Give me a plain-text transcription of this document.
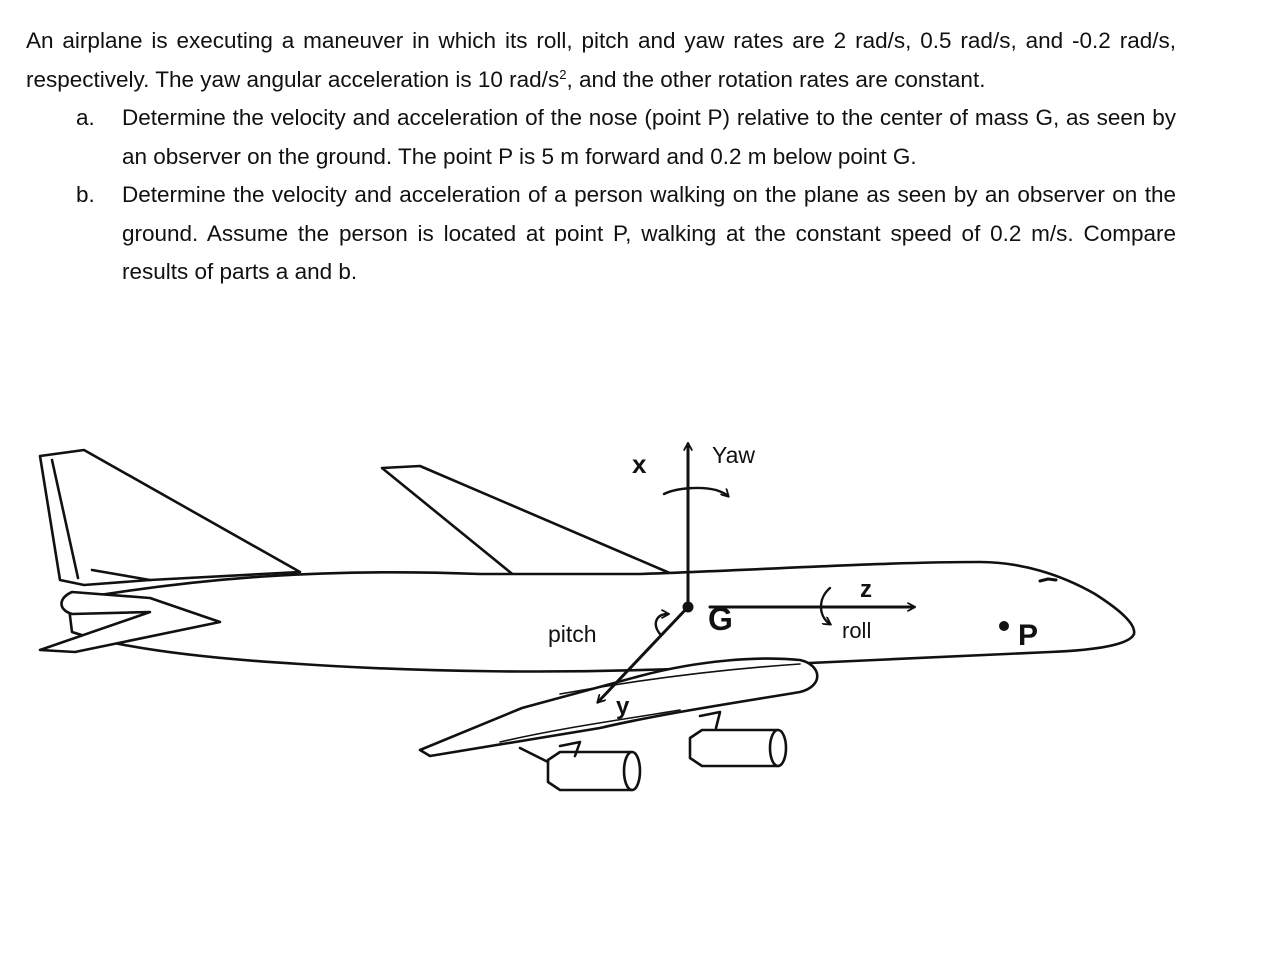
An airplane is executing a maneuver in which its roll, pitch and yaw rates are 2 rad/s, 0.5 rad/s, and -0.2 rad/s, respectively. The yaw angular acceleration is 10 rad/$s^2$, and the other rotation rates are constant.

a. Determine the velocity and acceleration of the nose (point P) relative to the center of mass G, as seen by an observer on the ground. The point P is 5 m forward and 0.2 m below point G.
b. Determine the velocity and acceleration of a person walking on the plane as seen by an observer on the ground. Assume the person is located at point P, walking at the constant speed of 0.2 m/s. Compare results of parts a and b.
x	Yaw
z
G	roll
pitch
y
P
